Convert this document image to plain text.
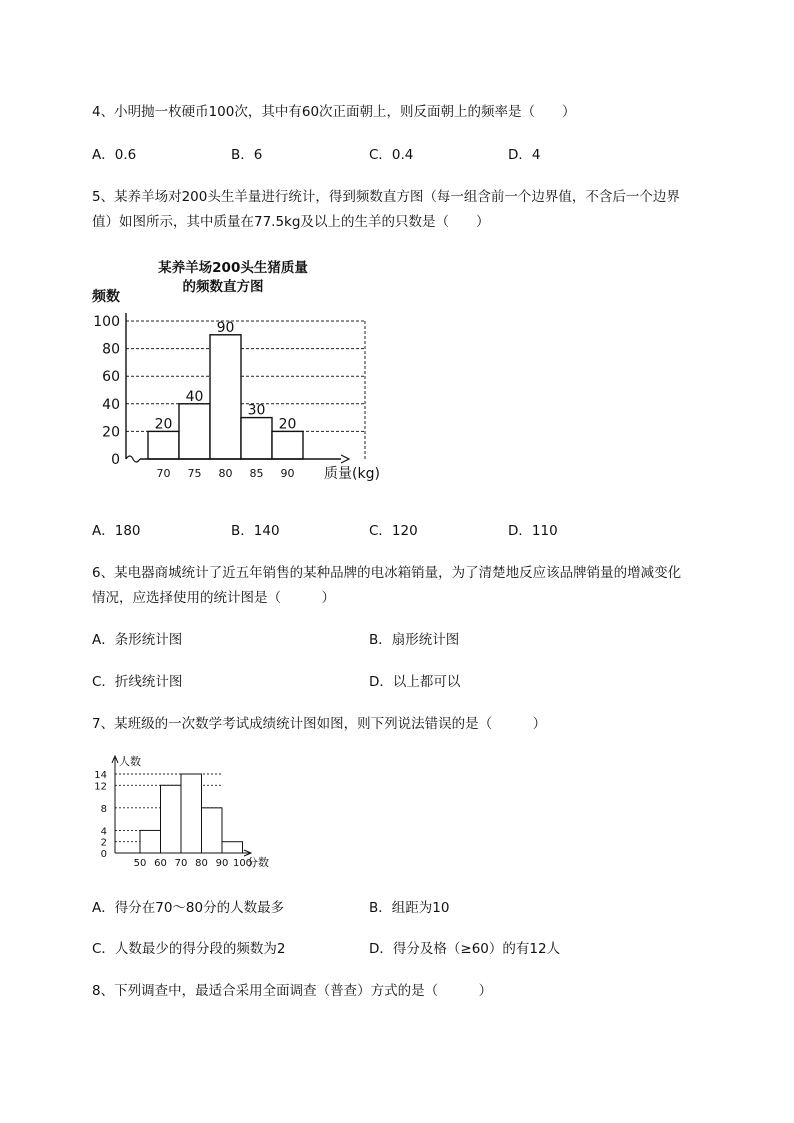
4、小明抛一枚硬币100次，其中有60次正面朝上，则反面朝上的频率是（　　）
A．0.6	B．6	C．0.4	D．4
5、某养羊场对200头生羊量进行统计，得到频数直方图（每一组含前一个边界值，不含后一个边界
值）如图所示，其中质量在77.5kg及以上的生羊的只数是（　　）
某养羊场200头生猪质量
的频数直方图
20
40
90
30
20
0
20
40
60
80
100
70 75 80 85 90
频数
质量(kg)
A．180	B．140	C．120	D．110
6、某电器商城统计了近五年销售的某种品牌的电冰箱销量，为了清楚地反应该品牌销量的增减变化
情况，应选择使用的统计图是（　　　）
A．条形统计图	B．扇形统计图
C．折线统计图	D．以上都可以
7、某班级的一次数学考试成绩统计图如图，则下列说法错误的是（　　　）
0
2
4
8
12
14
50 60 70 80 90 100
人数
分数
A．得分在70～80分的人数最多	B．组距为10
C．人数最少的得分段的频数为2	D．得分及格（≥60）的有12人
8、下列调查中，最适合采用全面调查（普查）方式的是（　　　）
